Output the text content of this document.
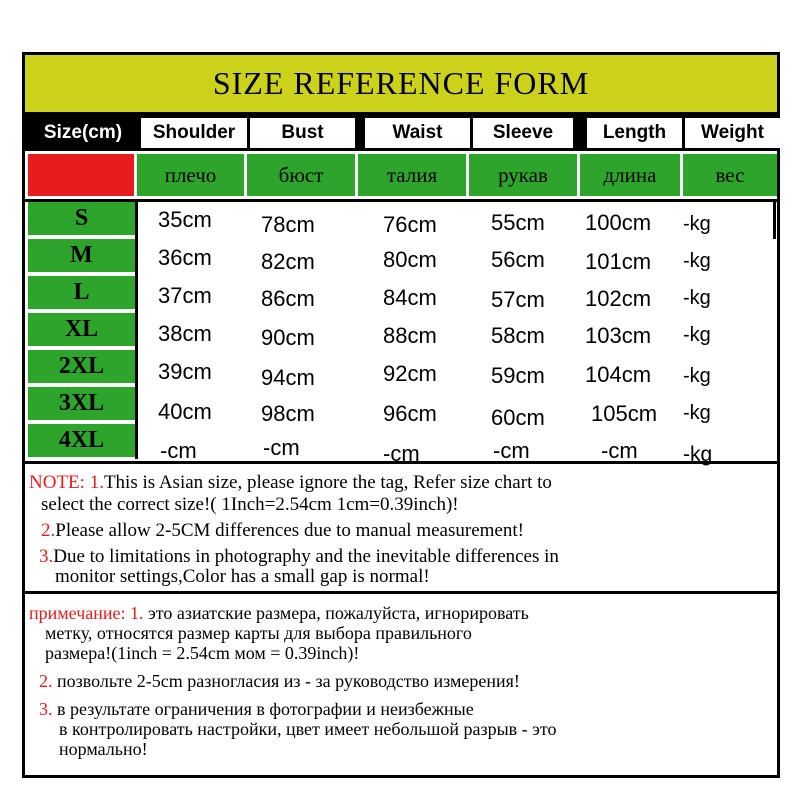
SIZE REFERENCE FORM
Size(cm)	Shoulder	Bust	Waist	Sleeve	Length	Weight
Women's
Coats	плечо	бюст	талия	рукав	длина	вес
S	35cm 78cm	76cm 55cm 100cm -kg
M	36cm 82cm	80cm 56cm 101cm -kg
L	37cm 86cm	84cm 57cm 102cm -kg
XL	38cm 90cm	88cm 58cm 103cm -kg
2XL	39cm 94cm	92cm 59cm 104cm -kg
3XL	40cm 98cm	96cm 60cm 105cm -kg
4XL	-cm	-cm	-cm	-cm	-cm -kg
NOTE: 1.This is Asian size, please ignore the tag, Refer size chart to
select the correct size!( 1Inch=2.54cm 1cm=0.39inch)!
2.Please allow 2-5CM differences due to manual measurement!
3.Due to limitations in photography and the inevitable differences in
monitor settings,Color has a small gap is normal!
примечание: 1. это азиатские размера, пожалуйста, игнорировать
метку, относятся размер карты для выбора правильного
размера!(1inch = 2.54cm мом = 0.39inch)!
2. позвольте 2-5cm разногласия из - за руководство измерения!
3. в результате ограничения в фотографии и неизбежные
в контролировать настройки, цвет имеет небольшой разрыв - это
нормально!
